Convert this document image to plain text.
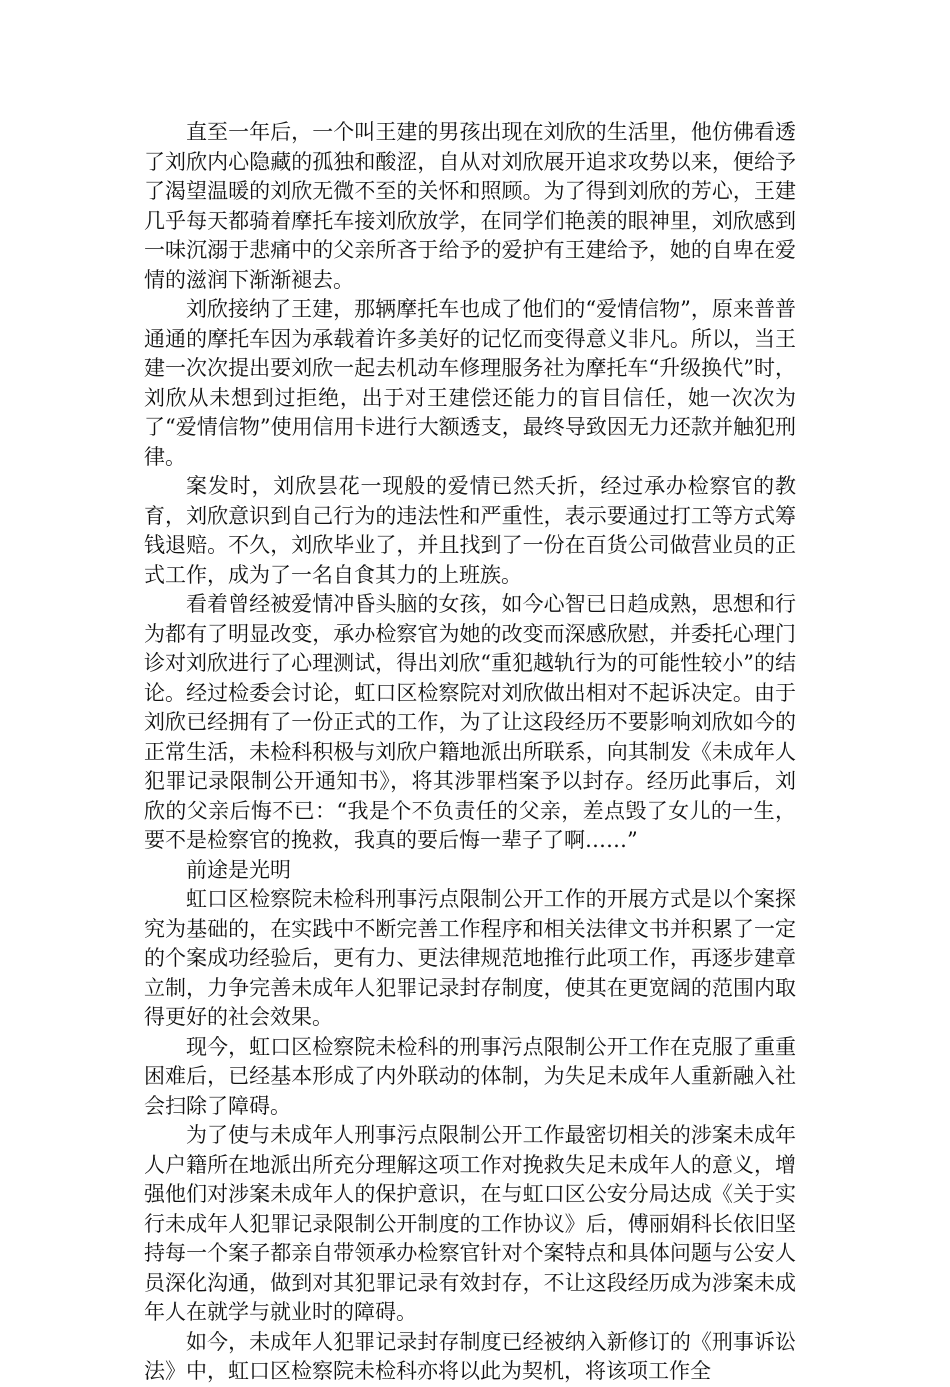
直至一年后，一个叫王建的男孩出现在刘欣的生活里，他仿佛看透了刘欣内心隐藏的孤独和酸涩，自从对刘欣展开追求攻势以来，便给予了渴望温暖的刘欣无微不至的关怀和照顾。为了得到刘欣的芳心，王建几乎每天都骑着摩托车接刘欣放学，在同学们艳羡的眼神里，刘欣感到一味沉溺于悲痛中的父亲所吝于给予的爱护有王建给予，她的自卑在爱情的滋润下渐渐褪去。

刘欣接纳了王建，那辆摩托车也成了他们的“爱情信物”，原来普普通通的摩托车因为承载着许多美好的记忆而变得意义非凡。所以，当王建一次次提出要刘欣一起去机动车修理服务社为摩托车“升级换代”时，刘欣从未想到过拒绝，出于对王建偿还能力的盲目信任，她一次次为了“爱情信物”使用信用卡进行大额透支，最终导致因无力还款并触犯刑律。

案发时，刘欣昙花一现般的爱情已然夭折，经过承办检察官的教育，刘欣意识到自己行为的违法性和严重性，表示要通过打工等方式筹钱退赔。不久，刘欣毕业了，并且找到了一份在百货公司做营业员的正式工作，成为了一名自食其力的上班族。

看着曾经被爱情冲昏头脑的女孩，如今心智已日趋成熟，思想和行为都有了明显改变，承办检察官为她的改变而深感欣慰，并委托心理门诊对刘欣进行了心理测试，得出刘欣“重犯越轨行为的可能性较小”的结论。经过检委会讨论，虹口区检察院对刘欣做出相对不起诉决定。由于刘欣已经拥有了一份正式的工作，为了让这段经历不要影响刘欣如今的正常生活，未检科积极与刘欣户籍地派出所联系，向其制发《未成年人犯罪记录限制公开通知书》，将其涉罪档案予以封存。经历此事后，刘欣的父亲后悔不已：“我是个不负责任的父亲，差点毁了女儿的一生，要不是检察官的挽救，我真的要后悔一辈子了啊……”

前途是光明

虹口区检察院未检科刑事污点限制公开工作的开展方式是以个案探究为基础的，在实践中不断完善工作程序和相关法律文书并积累了一定的个案成功经验后，更有力、更法律规范地推行此项工作，再逐步建章立制，力争完善未成年人犯罪记录封存制度，使其在更宽阔的范围内取得更好的社会效果。

现今，虹口区检察院未检科的刑事污点限制公开工作在克服了重重困难后，已经基本形成了内外联动的体制，为失足未成年人重新融入社会扫除了障碍。

为了使与未成年人刑事污点限制公开工作最密切相关的涉案未成年人户籍所在地派出所充分理解这项工作对挽救失足未成年人的意义，增强他们对涉案未成年人的保护意识，在与虹口区公安分局达成《关于实行未成年人犯罪记录限制公开制度的工作协议》后，傅丽娟科长依旧坚持每一个案子都亲自带领承办检察官针对个案特点和具体问题与公安人员深化沟通，做到对其犯罪记录有效封存，不让这段经历成为涉案未成年人在就学与就业时的障碍。

如今，未成年人犯罪记录封存制度已经被纳入新修订的《刑事诉讼法》中，虹口区检察院未检科亦将以此为契机，将该项工作全
